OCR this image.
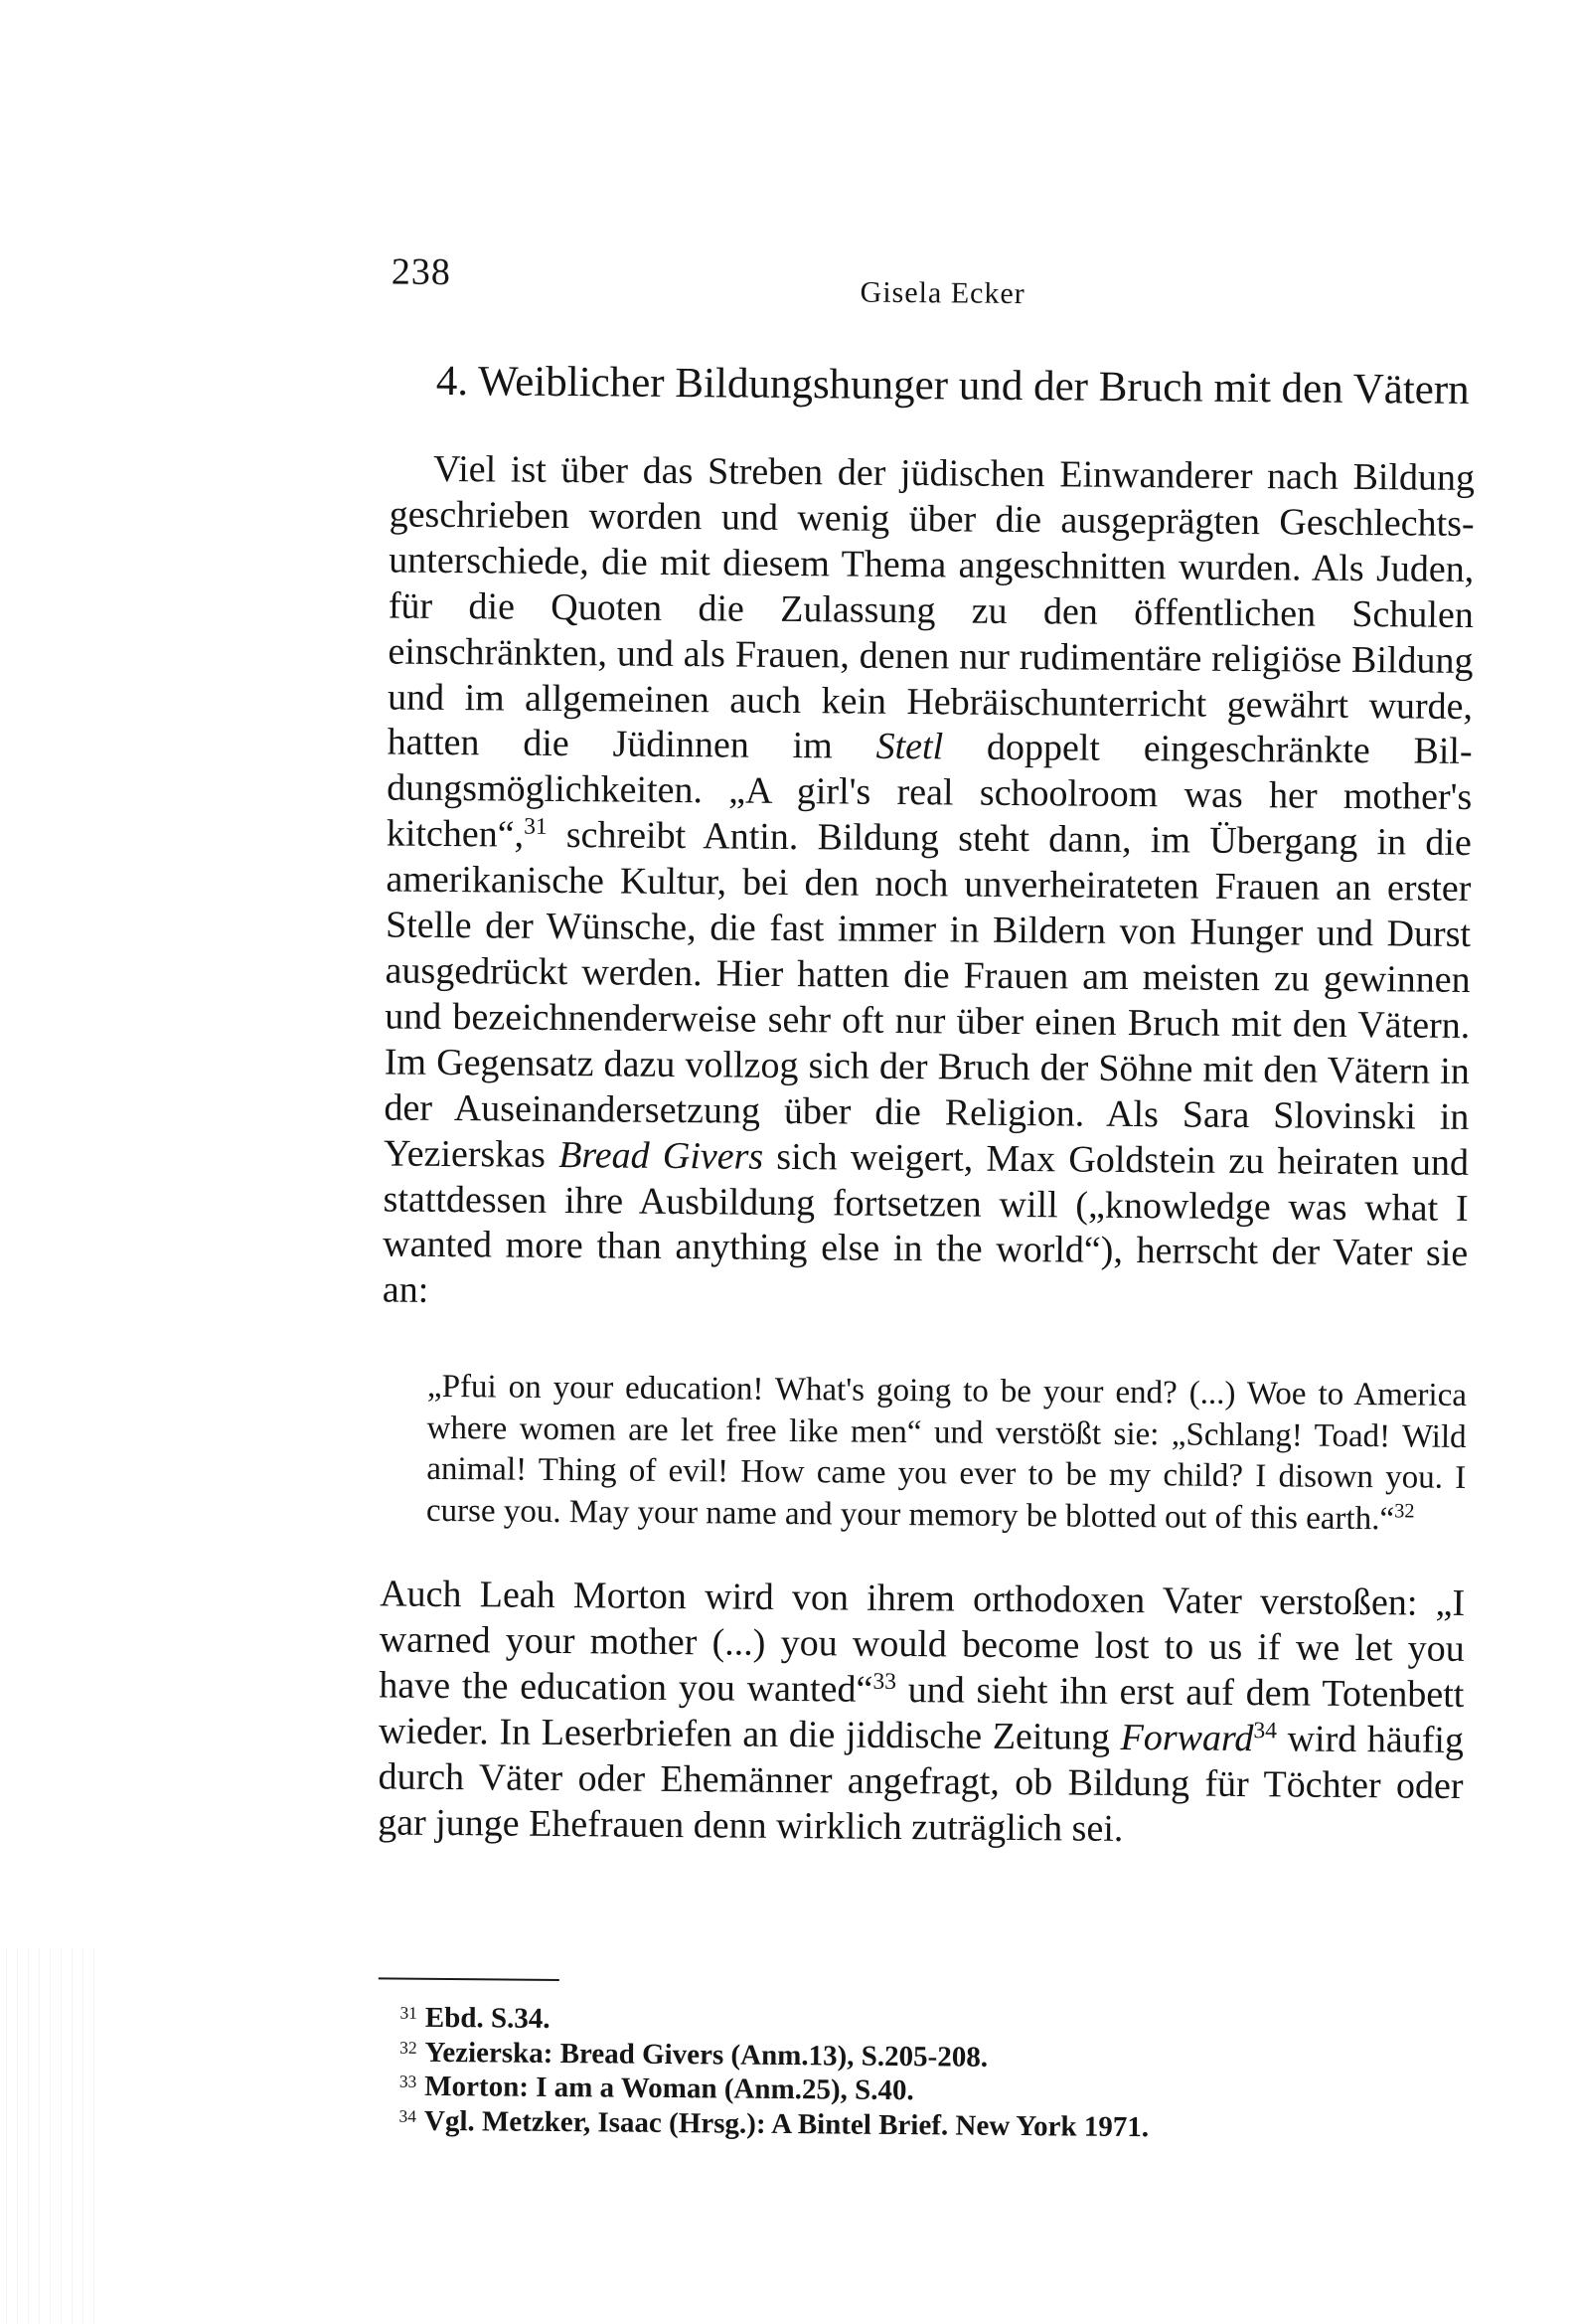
238	Gisela Ecker
4. Weiblicher Bildungshunger und der Bruch mit den Vätern

Viel ist über das Streben der jüdischen Einwanderer nach Bildung geschrieben worden und wenig über die ausgeprägten Geschlechtsunterschiede, die mit diesem Thema angeschnitten wurden. Als Juden, für die Quoten die Zulassung zu den öffentlichen Schulen einschränkten, und als Frauen, denen nur rudimentäre religiöse Bildung und im allgemeinen auch kein Hebräischunterricht gewährt wurde, hatten die Jüdinnen im Stetl doppelt eingeschränkte Bildungsmöglichkeiten. „A girl's real schoolroom was her mother's kitchen“,$^{31}$ schreibt Antin. Bildung steht dann, im Übergang in die amerikanische Kultur, bei den noch unverheirateten Frauen an erster Stelle der Wünsche, die fast immer in Bildern von Hunger und Durst ausgedrückt werden. Hier hatten die Frauen am meisten zu gewinnen und bezeichnenderweise sehr oft nur über einen Bruch mit den Vätern. Im Gegensatz dazu vollzog sich der Bruch der Söhne mit den Vätern in der Auseinandersetzung über die Religion. Als Sara Slovinski in Yezierskas Bread Givers sich weigert, Max Goldstein zu heiraten und stattdessen ihre Ausbildung fortsetzen will („knowledge was what I wanted more than anything else in the world“), herrscht der Vater sie an:

„Pfui on your education! What's going to be your end? (...) Woe to America where women are let free like men“ und verstößt sie: „Schlang! Toad! Wild animal! Thing of evil! How came you ever to be my child? I disown you. I curse you. May your name and your memory be blotted out of this earth.“$^{32}$

Auch Leah Morton wird von ihrem orthodoxen Vater verstoßen: „I warned your mother (...) you would become lost to us if we let you have the education you wanted“$^{33}$ und sieht ihn erst auf dem Totenbett wieder. In Leserbriefen an die jiddische Zeitung Forward$^{34}$ wird häufig durch Väter oder Ehemänner angefragt, ob Bildung für Töchter oder gar junge Ehefrauen denn wirklich zuträglich sei.

$^{31}$ Ebd. S.34.
$^{32}$ Yezierska: Bread Givers (Anm.13), S.205-208.
$^{33}$ Morton: I am a Woman (Anm.25), S.40.
$^{34}$ Vgl. Metzker, Isaac (Hrsg.): A Bintel Brief. New York 1971.
